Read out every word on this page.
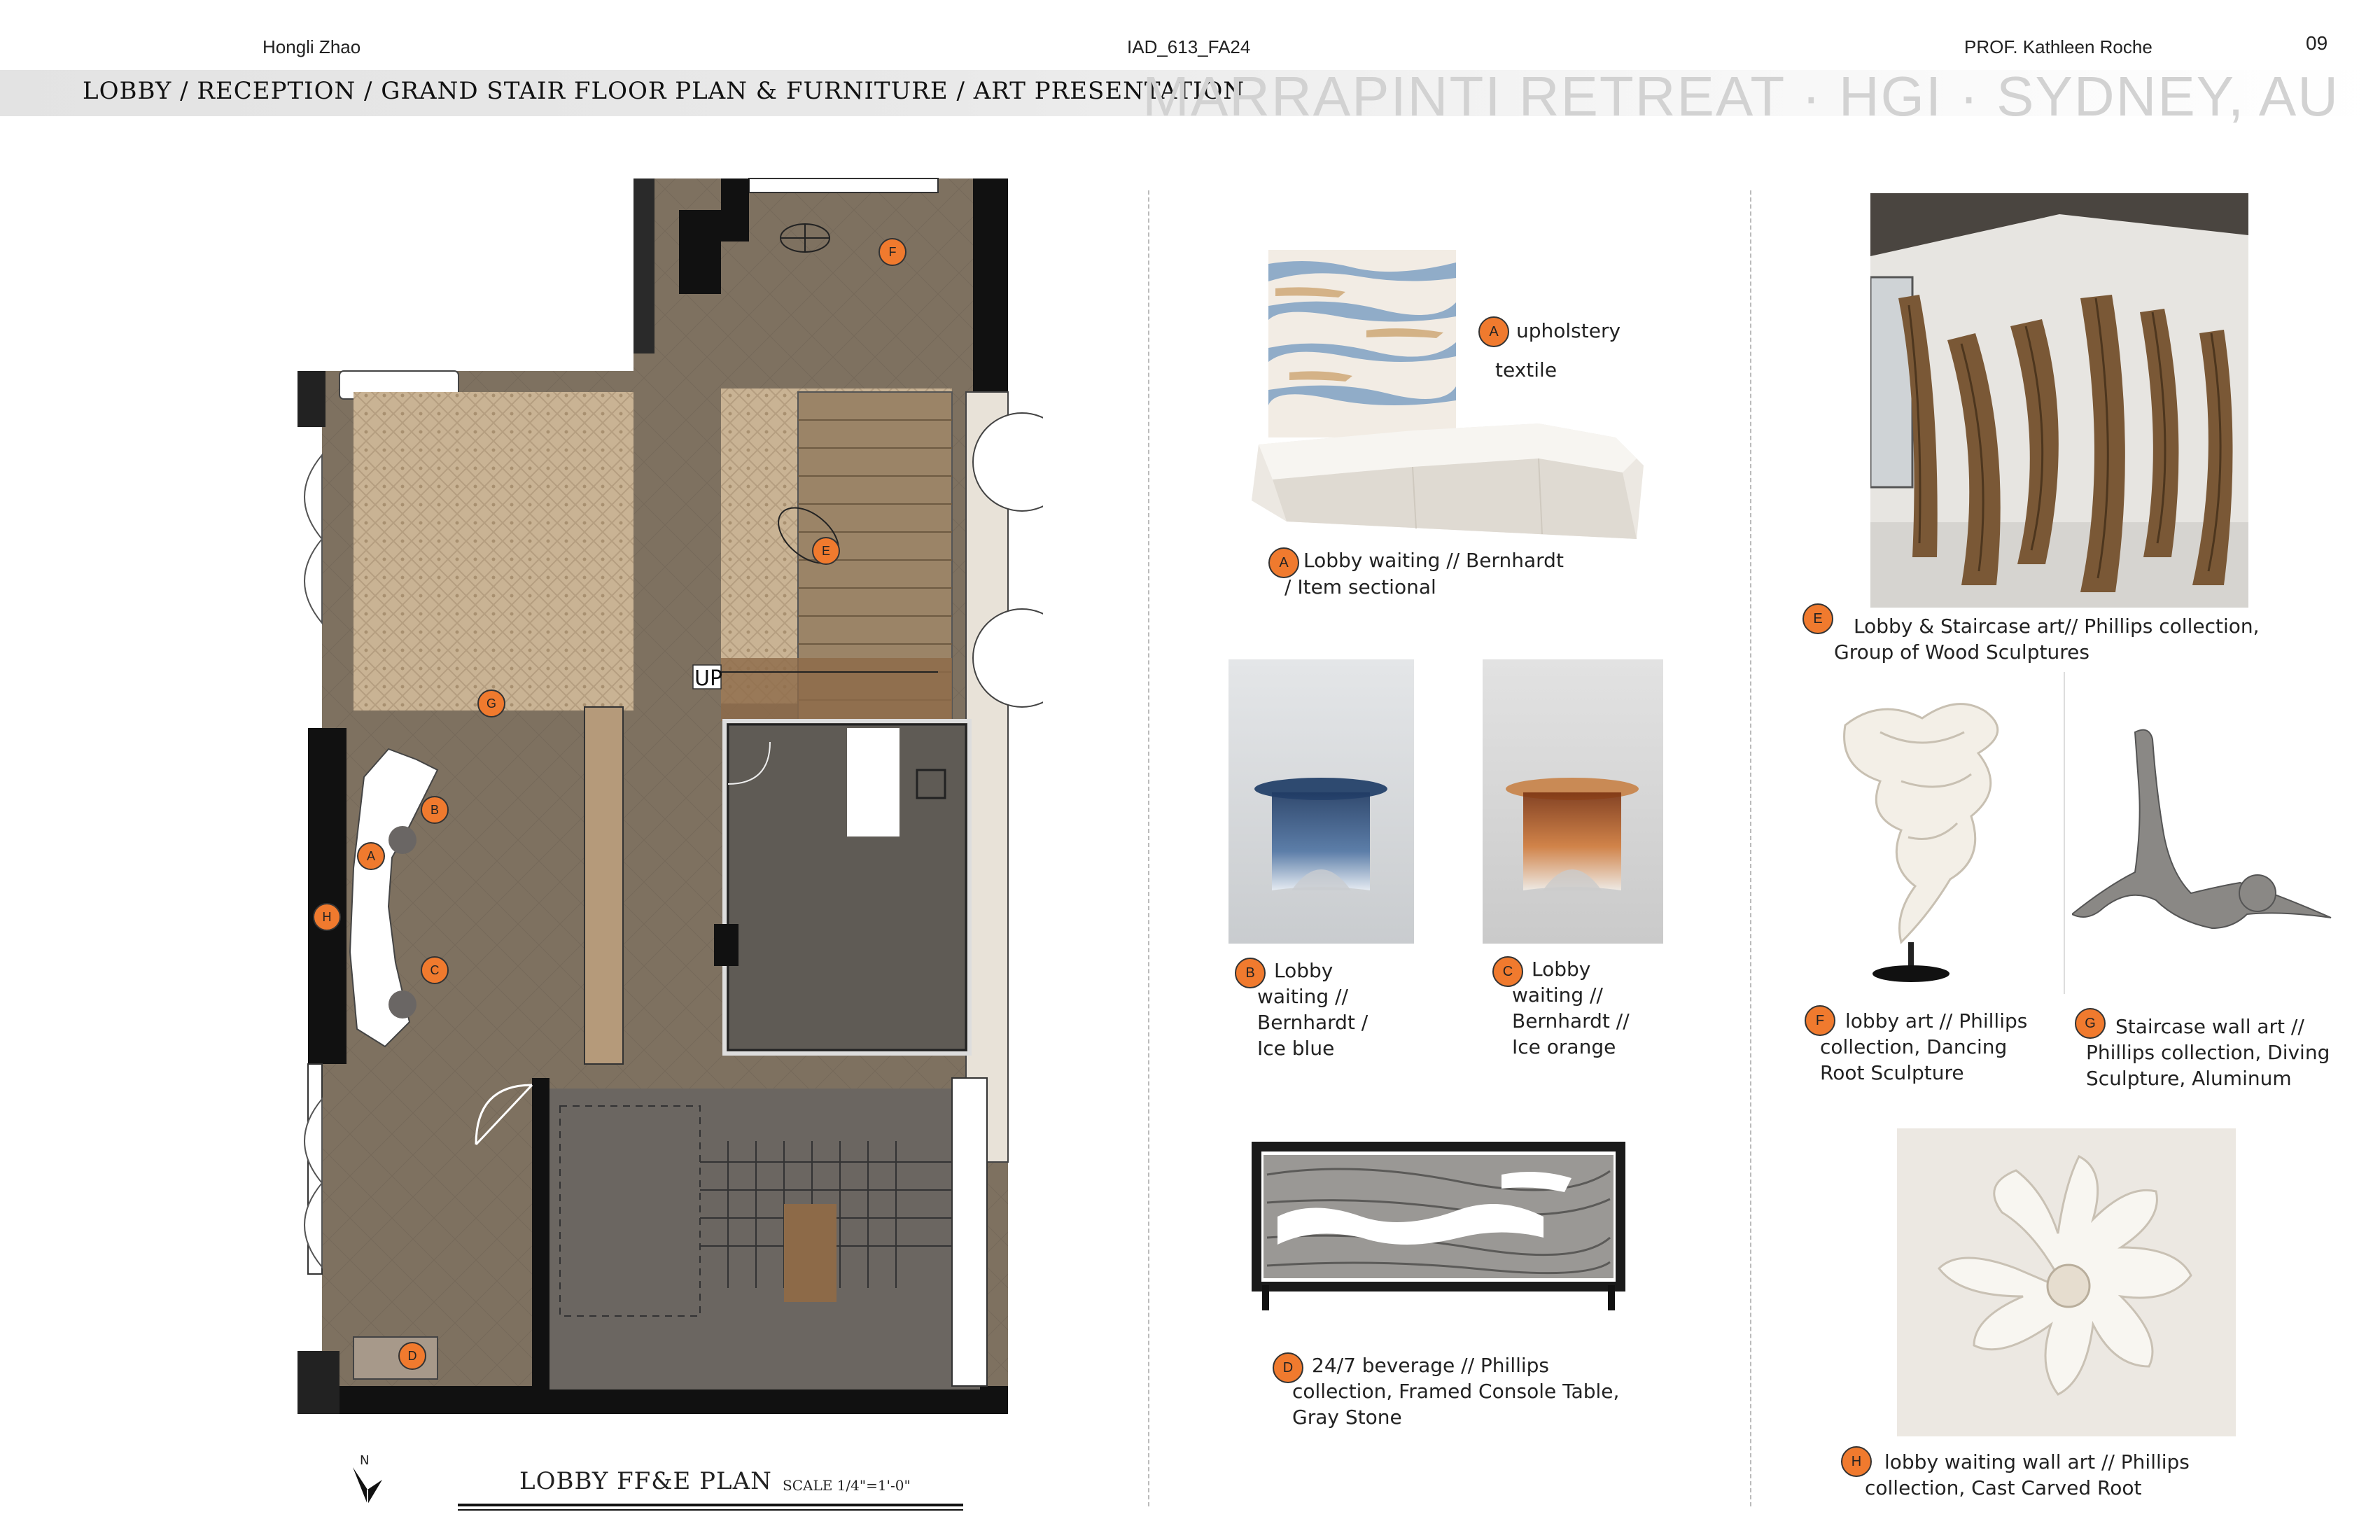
Hongli Zhao	IAD_613_FA24	PROF. Kathleen Roche	09
LOBBY / RECEPTION / GRAND STAIR FLOOR PLAN & FURNITURE / ART PRESENTATION
MARRAPINTI RETREAT · HGI · SYDNEY, AU
UP
F
E
G
B
A
H
C
D
N
LOBBY FF&E PLAN SCALE 1/4"=1'-0"
A upholstery
textile
A Lobby waiting // Bernhardt
/ Item sectional
B Lobby
waiting //
Bernhardt /
Ice blue
C Lobby
waiting //
Bernhardt //
Ice orange
D 24/7 beverage // Phillips
collection, Framed Console Table,
Gray Stone
E	Lobby & Staircase art// Phillips collection,
Group of Wood Sculptures
F	lobby art // Phillips
collection, Dancing
Root Sculpture
G	Staircase wall art //
Phillips collection, Diving
Sculpture, Aluminum
H	lobby waiting wall art // Phillips
collection, Cast Carved Root
